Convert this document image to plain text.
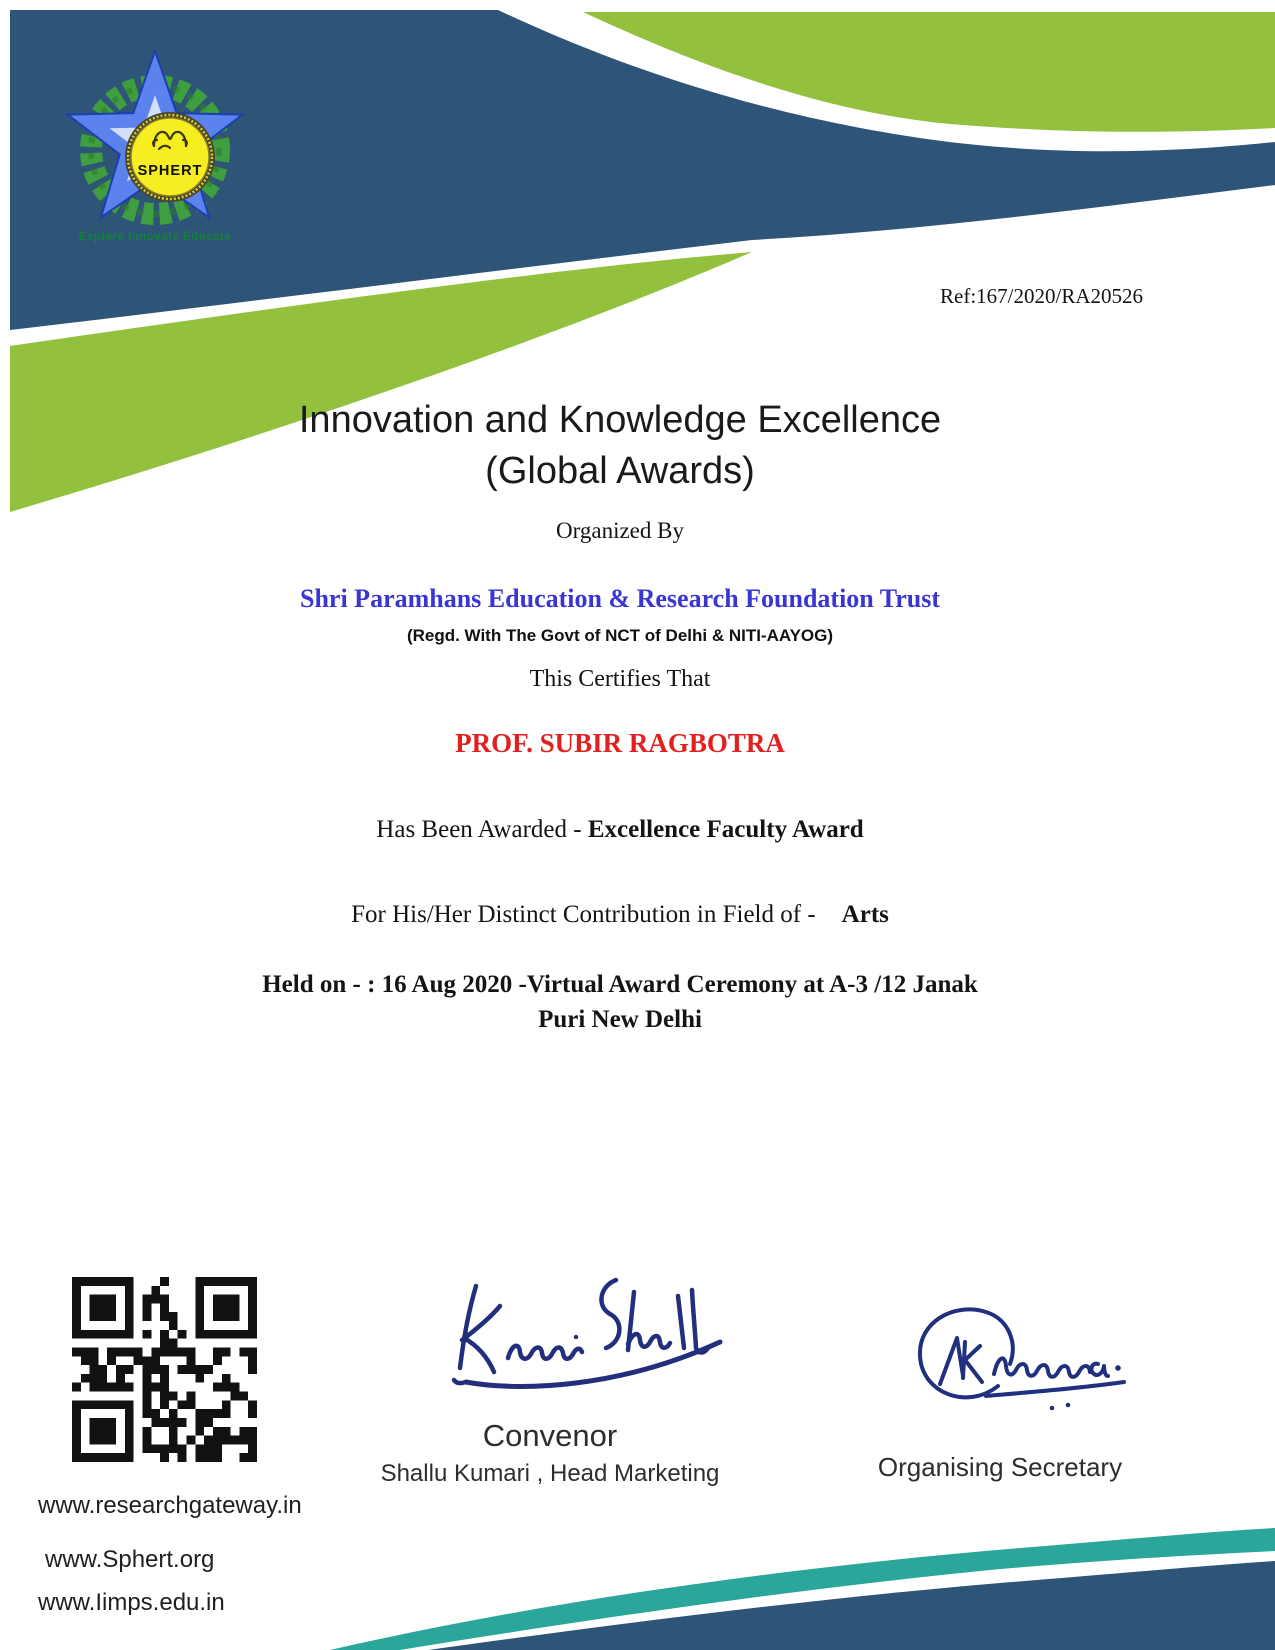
SPHERT
Explore Innovate Educate
Ref:167/2020/RA20526
Innovation and Knowledge Excellence
(Global Awards)
Organized By
Shri Paramhans Education & Research Foundation Trust
(Regd. With The Govt of NCT of Delhi & NITI-AAYOG)
This Certifies That
PROF. SUBIR RAGBOTRA
Has Been Awarded - Excellence Faculty Award
For His/Her Distinct Contribution in Field of - Arts
Held on - : 16 Aug 2020 -Virtual Award Ceremony at A-3 /12 Janak
Puri New Delhi
Convenor
Shallu Kumari , Head Marketing	Organising Secretary
www.researchgateway.in
www.Sphert.org
www.Iimps.edu.in
